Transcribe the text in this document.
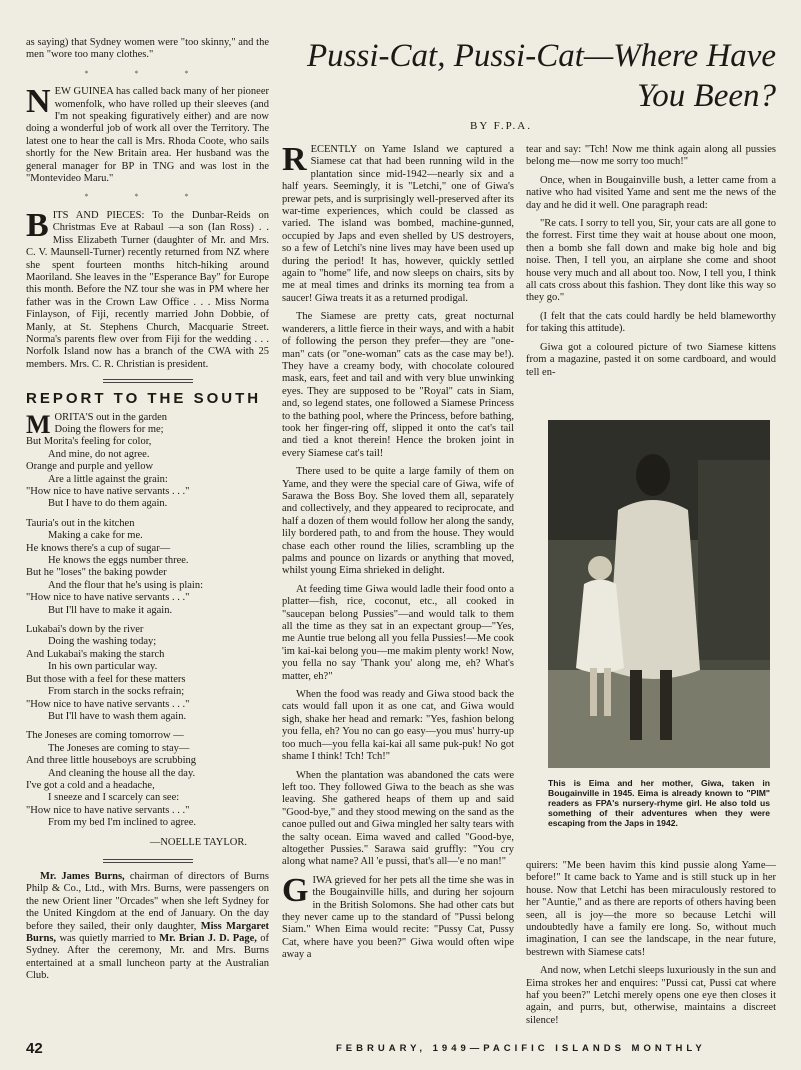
as saying) that Sydney women were "too skinny," and the men "wore too many clothes."

* * *

NEW GUINEA has called back many of her pioneer womenfolk, who have rolled up their sleeves (and I'm not speaking figuratively either) and are now doing a wonderful job of work all over the Territory. The latest one to hear the call is Mrs. Rhoda Coote, who sails shortly for the New Britain area. Her husband was the general manager for BP in TNG and was lost in the "Montevideo Maru."

* * *

BITS AND PIECES: To the Dunbar-Reids on Christmas Eve at Rabaul —a son (Ian Ross) . . Miss Elizabeth Turner (daughter of Mr. and Mrs. C. V. Maunsell-Turner) recently returned from NZ where she spent fourteen months hitch-hiking around Maoriland. She leaves in the "Esperance Bay" for Europe this month. Before the NZ tour she was in PM where her father was in the Crown Law Office . . . Miss Norma Finlayson, of Fiji, recently married John Dobbie, of Manly, at St. Stephens Church, Macquarie Street. Norma's parents flew over from Fiji for the wedding . . . Norfolk Island now has a branch of the CWA with 25 members. Mrs. C. R. Christian is president.

REPORT TO THE SOUTH
MORITA'S out in the garden
Doing the flowers for me;
But Morita's feeling for color,
And mine, do not agree.
Orange and purple and yellow
Are a little against the grain:
"How nice to have native servants . . ."
But I have to do them again.
Tauria's out in the kitchen
Making a cake for me.
He knows there's a cup of sugar—
He knows the eggs number three.
But he "loses" the baking powder
And the flour that he's using is plain:
"How nice to have native servants . . ."
But I'll have to make it again.
Lukabai's down by the river
Doing the washing today;
And Lukabai's making the starch
In his own particular way.
But those with a feel for these matters
From starch in the socks refrain;
"How nice to have native servants . . ."
But I'll have to wash them again.
The Joneses are coming tomorrow —
The Joneses are coming to stay—
And three little houseboys are scrubbing
And cleaning the house all the day.
I've got a cold and a headache,
I sneeze and I scarcely can see:
"How nice to have native servants . . ."
From my bed I'm inclined to agree.
—NOELLE TAYLOR.

Mr. James Burns, chairman of directors of Burns Philp & Co., Ltd., with Mrs. Burns, were passengers on the new Orient liner "Orcades" when she left Sydney for the United Kingdom at the end of January. On the day before they sailed, their only daughter, Miss Margaret Burns, was quietly married to Mr. Brian J. D. Page, of Sydney. After the ceremony, Mr. and Mrs. Burns entertained at a small luncheon party at the Australian Club.

Pussi-Cat, Pussi-Cat—Where Have You Been?
BY F.P.A.

RECENTLY on Yame Island we captured a Siamese cat that had been running wild in the plantation since mid-1942—nearly six and a half years. Seemingly, it is "Letchi," one of Giwa's prewar pets, and is surprisingly well-preserved after its war-time experiences, which could be classed as varied. The island was bombed, machine-gunned, occupied by Japs and even shelled by US destroyers, so a few of Letchi's nine lives may have been used up during the period! It has, however, quickly settled again to "home" life, and now sleeps on chairs, sits by me at meal times and drinks its morning tea from a saucer! Giwa treats it as a returned prodigal.

The Siamese are pretty cats, great nocturnal wanderers, a little fierce in their ways, and with a habit of following the person they prefer—they are "one-man" cats (or "one-woman" cats as the case may be!). They have a creamy body, with chocolate coloured mask, ears, feet and tail and with very blue unwinking eyes. They are supposed to be "Royal" cats in Siam, and, so legend states, one followed a Siamese Princess to the bathing pool, where the Princess, before bathing, took her finger-ring off, slipped it onto the cat's tail and tied a knot therein! Hence the broken joint in every Siamese cat's tail!

There used to be quite a large family of them on Yame, and they were the special care of Giwa, wife of Sarawa the Boss Boy. She loved them all, separately and collectively, and they appeared to reciprocate, and half a dozen of them would follow her along the sandy, lily bordered path, to and from the house. They would chase each other round the lilies, scrambling up the palms and pounce on lizards or anything that moved, whilst young Eima shrieked in delight.

At feeding time Giwa would ladle their food onto a platter—fish, rice, coconut, etc., all cooked in "saucepan belong Pussies"—and would talk to them all the time as they sat in an expectant group—"Yes, me Auntie true belong all you fella Pussies!—Me cook 'im kai-kai belong you—me makim plenty work! Now, you fella no say 'Thank you' along me, eh? What's matter, eh?"

When the food was ready and Giwa stood back the cats would fall upon it as one cat, and Giwa would sigh, shake her head and remark: "Yes, fashion belong you fella, eh? You no can go easy—you mus' hurry-up too much—you fella kai-kai all same puk-puk! No got shame I think! Tch! Tch!"

When the plantation was abandoned the cats were left too. They followed Giwa to the beach as she was leaving. She gathered heaps of them up and said "Good-bye," and they stood mewing on the sand as the canoe pulled out and Giwa mingled her salty tears with the salty ocean. Eima waved and called "Good-bye, altogether Pussies." Sarawa said gruffly: "You cry along what name? All 'e pussi, that's all—'e no man!"

GIWA grieved for her pets all the time she was in the Bougainville hills, and during her sojourn in the British Solomons. She had other cats but they never came up to the standard of "Pussi belong Siam." When Eima would recite: "Pussy Cat, Pussy Cat, where have you been?" Giwa would often wipe away a

tear and say: "Tch! Now me think again along all pussies belong me—now me sorry too much!"

Once, when in Bougainville bush, a letter came from a native who had visited Yame and sent me the news of the day and he did it well. One paragraph read:

"Re cats. I sorry to tell you, Sir, your cats are all gone to the forrest. First time they wait at house about one moon, then a bomb she fall down and make big hole and big noise. Then, I tell you, an airplane she come and shoot house very much and all about too. Now, I tell you, I think all cats cross about this fashion. They dont like this way so they go."

(I felt that the cats could hardly be held blameworthy for taking this attitude).

Giwa got a coloured picture of two Siamese kittens from a magazine, pasted it on some cardboard, and would tell en-

This is Eima and her mother, Giwa, taken in Bougainville in 1945. Eima is already known to "PIM" readers as FPA's nursery-rhyme girl. He also told us something of their adventures when they were escaping from the Japs in 1942.

quirers: "Me been havim this kind pussie along Yame—before!" It came back to Yame and is still stuck up in her house. Now that Letchi has been miraculously restored to her "Auntie," and as there are reports of others having been seen, all is joy—the more so because Letchi will undoubtedly have a family ere long. So, without much imagination, I can see the landscape, in the near future, bestrewn with Siamese cats!

And now, when Letchi sleeps luxuriously in the sun and Eima strokes her and enquires: "Pussi cat, Pussi cat where haf you been?" Letchi merely opens one eye then closes it again, and purrs, but, otherwise, maintains a discreet silence!

42	FEBRUARY, 1949—PACIFIC ISLANDS MONTHLY
